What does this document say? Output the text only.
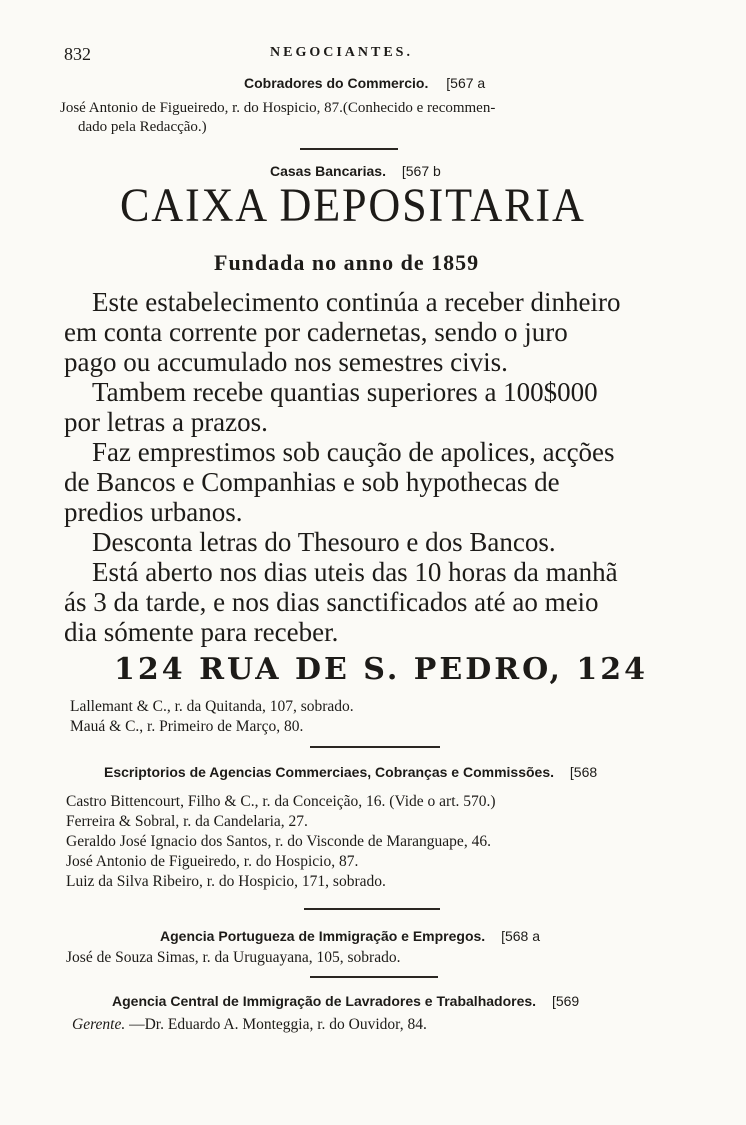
832	NEGOCIANTES.
Cobradores do Commercio. [567 a
José Antonio de Figueiredo, r. do Hospicio, 87.(Conhecido e recommen-
dado pela Redacção.)
Casas Bancarias. [567 b
CAIXA DEPOSITARIA
Fundada no anno de 1859
Este estabelecimento continúa a receber dinheiro
em conta corrente por cadernetas, sendo o juro
pago ou accumulado nos semestres civis.
Tambem recebe quantias superiores a 100$000
por letras a prazos.
Faz emprestimos sob caução de apolices, acções
de Bancos e Companhias e sob hypothecas de
predios urbanos.
Desconta letras do Thesouro e dos Bancos.
Está aberto nos dias uteis das 10 horas da manhã
ás 3 da tarde, e nos dias sanctificados até ao meio
dia sómente para receber.
124 RUA DE S. PEDRO, 124
Lallemant & C., r. da Quitanda, 107, sobrado.
Mauá & C., r. Primeiro de Março, 80.
Escriptorios de Agencias Commerciaes, Cobranças e Commissões. [568
Castro Bittencourt, Filho & C., r. da Conceição, 16. (Vide o art. 570.)
Ferreira & Sobral, r. da Candelaria, 27.
Geraldo José Ignacio dos Santos, r. do Visconde de Maranguape, 46.
José Antonio de Figueiredo, r. do Hospicio, 87.
Luiz da Silva Ribeiro, r. do Hospicio, 171, sobrado.
Agencia Portugueza de Immigração e Empregos. [568 a
José de Souza Simas, r. da Uruguayana, 105, sobrado.
Agencia Central de Immigração de Lavradores e Trabalhadores. [569
Gerente. —Dr. Eduardo A. Monteggia, r. do Ouvidor, 84.
